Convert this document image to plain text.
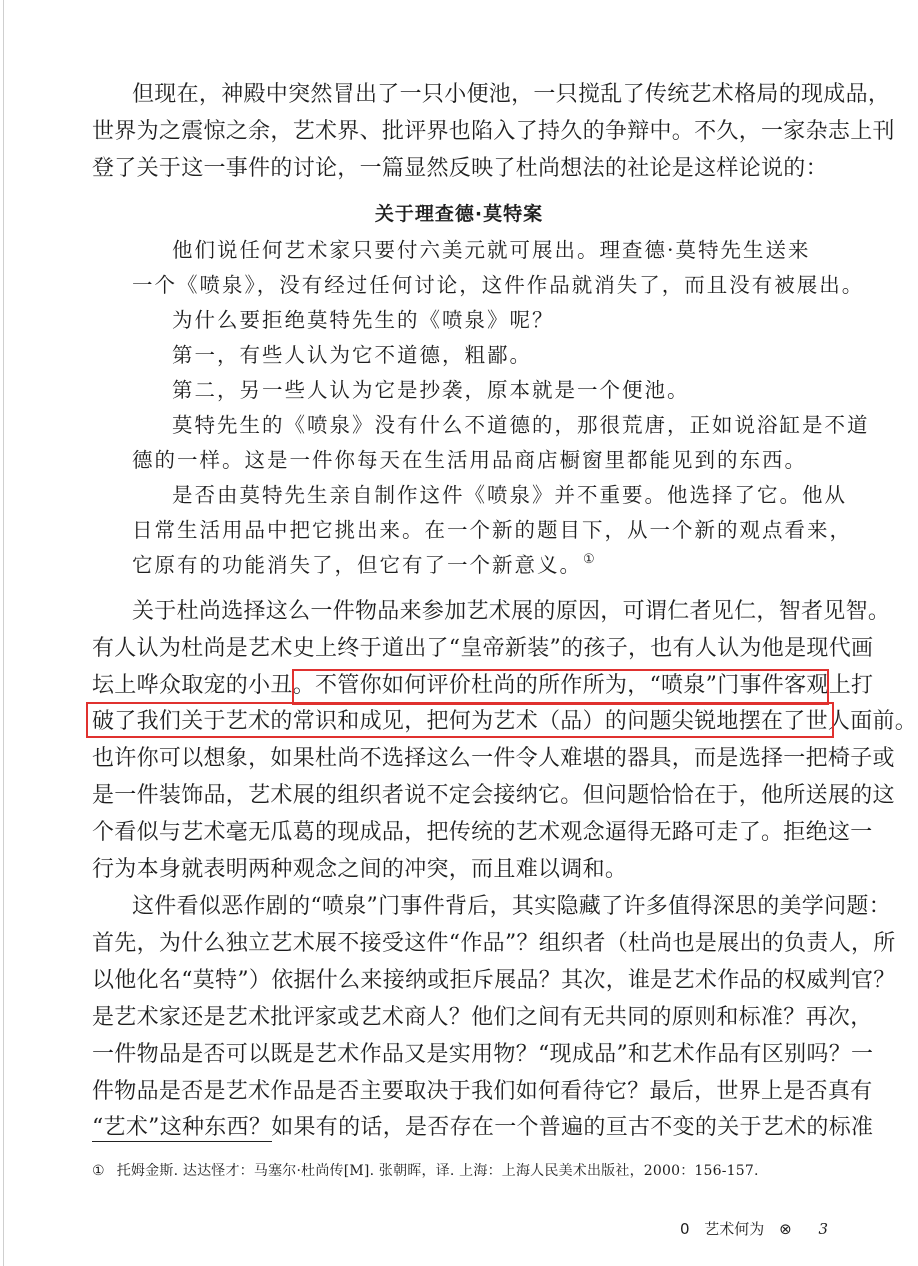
但现在，神殿中突然冒出了一只小便池，一只搅乱了传统艺术格局的现成品，
世界为之震惊之余，艺术界、批评界也陷入了持久的争辩中。不久，一家杂志上刊
登了关于这一事件的讨论，一篇显然反映了杜尚想法的社论是这样论说的：
关于理查德·莫特案
他们说任何艺术家只要付六美元就可展出。理查德·莫特先生送来
一个《喷泉》，没有经过任何讨论，这件作品就消失了，而且没有被展出。
为什么要拒绝莫特先生的《喷泉》呢？
第一，有些人认为它不道德，粗鄙。
第二，另一些人认为它是抄袭，原本就是一个便池。
莫特先生的《喷泉》没有什么不道德的，那很荒唐，正如说浴缸是不道
德的一样。这是一件你每天在生活用品商店橱窗里都能见到的东西。
是否由莫特先生亲自制作这件《喷泉》并不重要。他选择了它。他从
日常生活用品中把它挑出来。在一个新的题目下，从一个新的观点看来，
它原有的功能消失了，但它有了一个新意义。①
关于杜尚选择这么一件物品来参加艺术展的原因，可谓仁者见仁，智者见智。
有人认为杜尚是艺术史上终于道出了“皇帝新装”的孩子，也有人认为他是现代画
坛上哗众取宠的小丑。不管你如何评价杜尚的所作所为，“喷泉”门事件客观上打
破了我们关于艺术的常识和成见，把何为艺术（品）的问题尖锐地摆在了世人面前。
也许你可以想象，如果杜尚不选择这么一件令人难堪的器具，而是选择一把椅子或
是一件装饰品，艺术展的组织者说不定会接纳它。但问题恰恰在于，他所送展的这
个看似与艺术毫无瓜葛的现成品，把传统的艺术观念逼得无路可走了。拒绝这一
行为本身就表明两种观念之间的冲突，而且难以调和。
这件看似恶作剧的“喷泉”门事件背后，其实隐藏了许多值得深思的美学问题：
首先，为什么独立艺术展不接受这件“作品”？组织者（杜尚也是展出的负责人，所
以他化名“莫特”）依据什么来接纳或拒斥展品？其次，谁是艺术作品的权威判官？
是艺术家还是艺术批评家或艺术商人？他们之间有无共同的原则和标准？再次，
一件物品是否可以既是艺术作品又是实用物？“现成品”和艺术作品有区别吗？一
件物品是否是艺术作品是否主要取决于我们如何看待它？最后，世界上是否真有
“艺术”这种东西？如果有的话，是否存在一个普遍的亘古不变的关于艺术的标准
① 托姆金斯. 达达怪才：马塞尔·杜尚传[M]. 张朝晖，译. 上海：上海人民美术出版社，2000：156-157.
0 艺术何为 ⊗ 3
